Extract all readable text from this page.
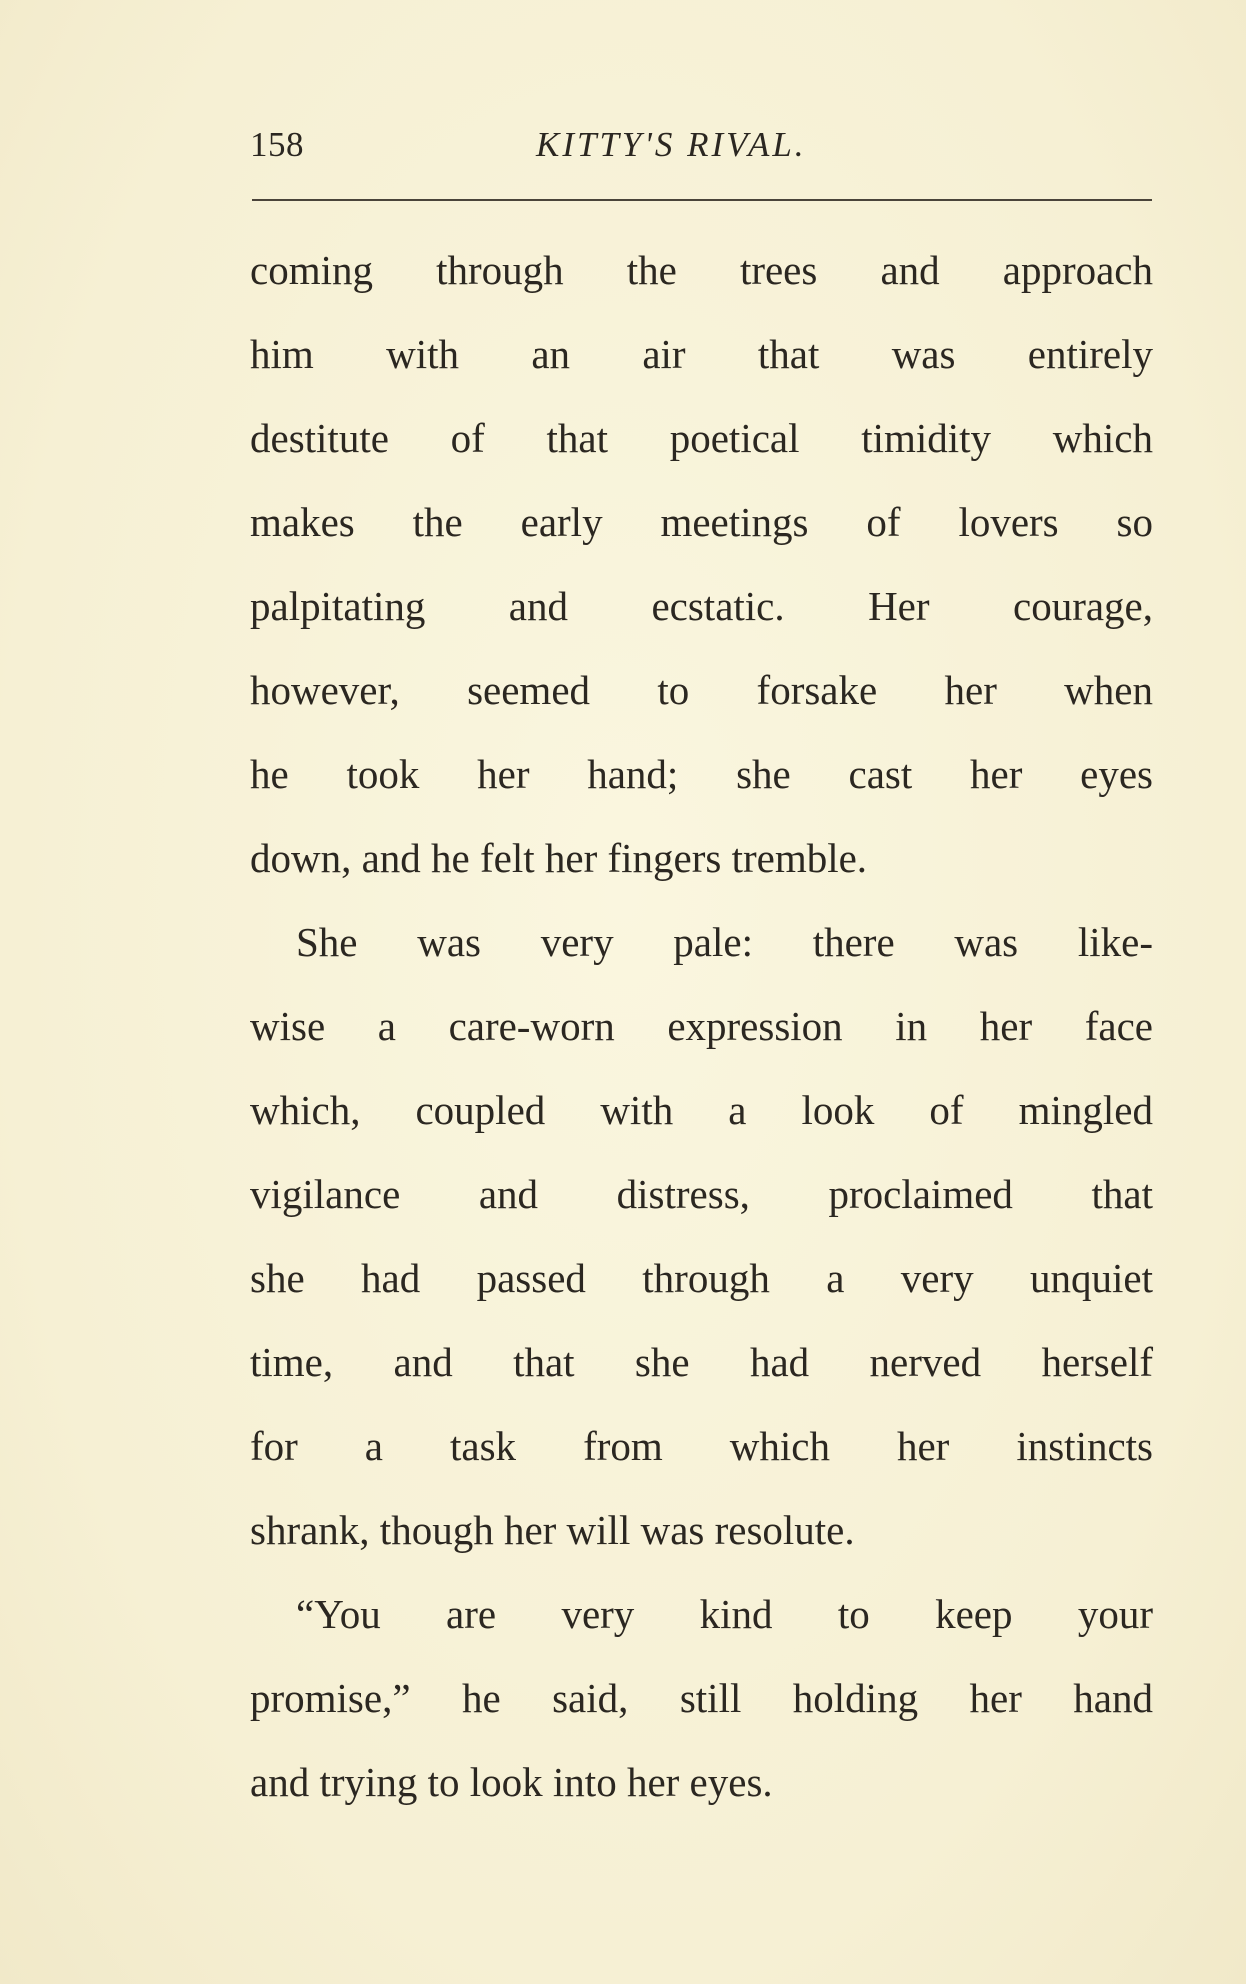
158	KITTY'S RIVAL.
coming through the trees and approach
him with an air that was entirely
destitute of that poetical timidity which
makes the early meetings of lovers so
palpitating and ecstatic. Her courage,
however, seemed to forsake her when
he took her hand; she cast her eyes
down, and he felt her fingers tremble.
She was very pale: there was like-
wise a care-worn expression in her face
which, coupled with a look of mingled
vigilance and distress, proclaimed that
she had passed through a very unquiet
time, and that she had nerved herself
for a task from which her instincts
shrank, though her will was resolute.
“You are very kind to keep your
promise,” he said, still holding her hand
and trying to look into her eyes.
